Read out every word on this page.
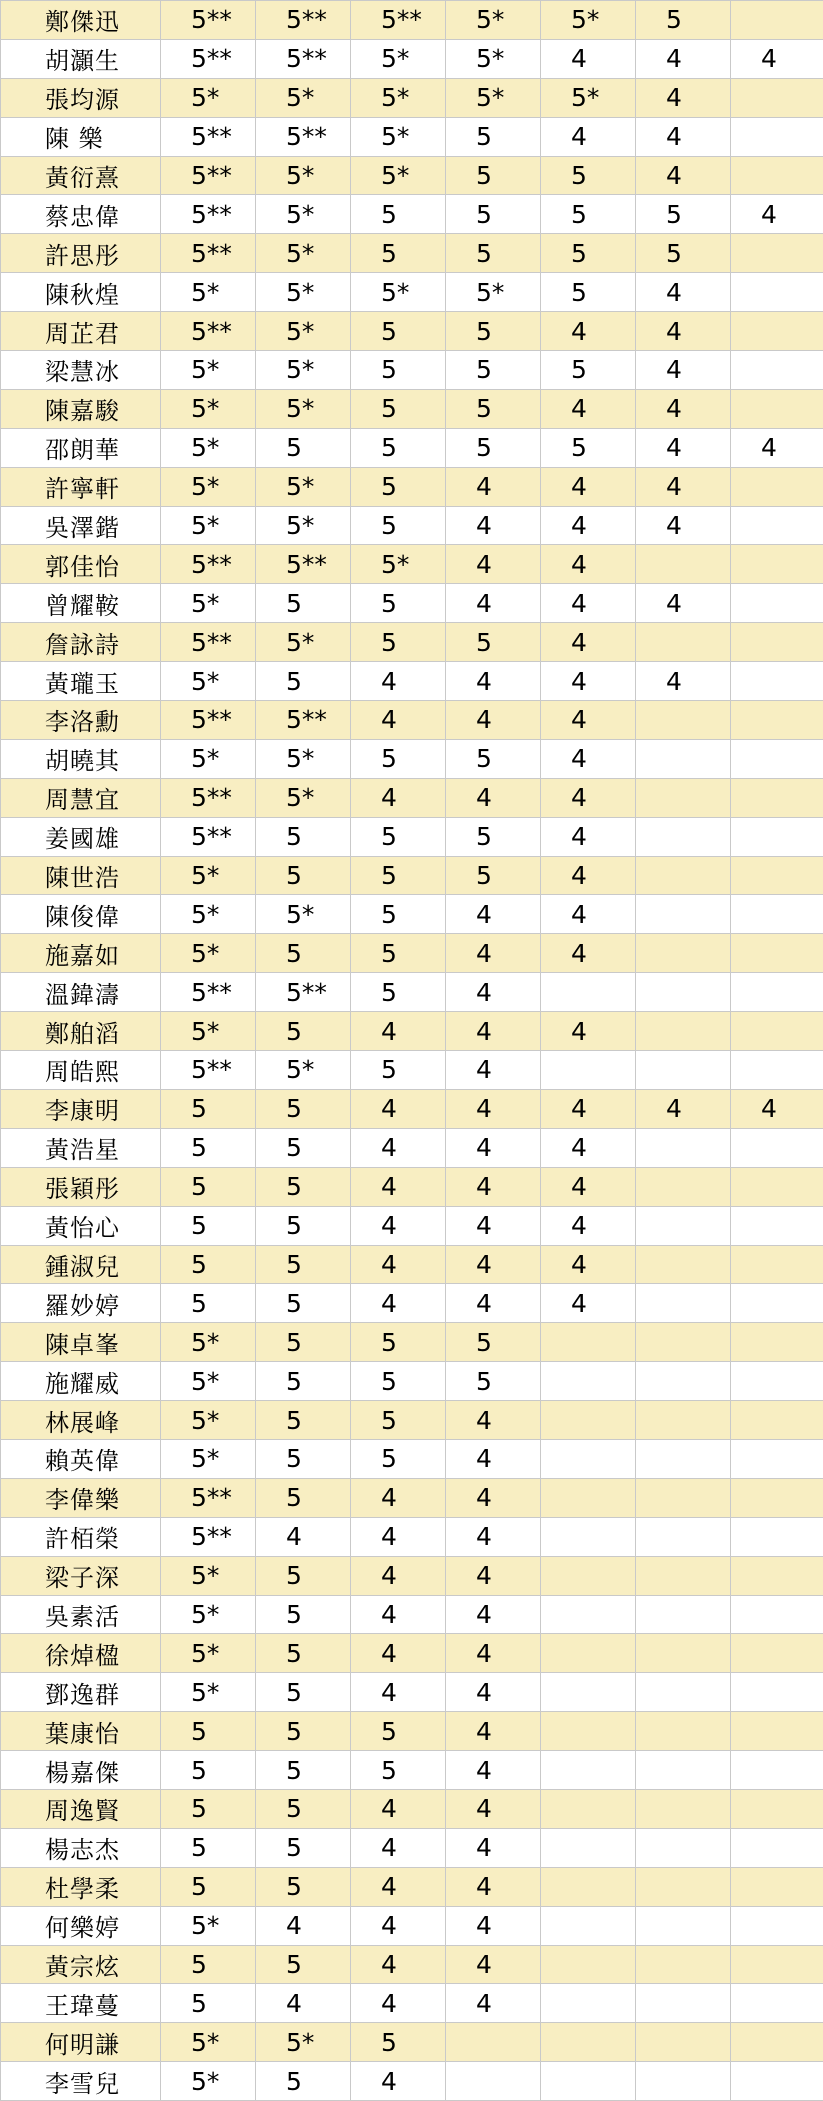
鄭傑迅	5**	5**	5**	5*	5*	5	
胡灝生	5**	5**	5*	5*	4	4	4
張均源	5*	5*	5*	5*	5*	4	
陳 樂	5**	5**	5*	5	4	4	
黃衍熹	5**	5*	5*	5	5	4	
蔡忠偉	5**	5*	5	5	5	5	4
許思彤	5**	5*	5	5	5	5	
陳秋煌	5*	5*	5*	5*	5	4	
周芷君	5**	5*	5	5	4	4	
梁慧冰	5*	5*	5	5	5	4	
陳嘉駿	5*	5*	5	5	4	4	
邵朗華	5*	5	5	5	5	4	4
許寧軒	5*	5*	5	4	4	4	
吳澤鍇	5*	5*	5	4	4	4	
郭佳怡	5**	5**	5*	4	4		
曾耀鞍	5*	5	5	4	4	4	
詹詠詩	5**	5*	5	5	4		
黃瓏玉	5*	5	4	4	4	4	
李洛勳	5**	5**	4	4	4		
胡曉其	5*	5*	5	5	4		
周慧宜	5**	5*	4	4	4		
姜國雄	5**	5	5	5	4		
陳世浩	5*	5	5	5	4		
陳俊偉	5*	5*	5	4	4		
施嘉如	5*	5	5	4	4		
溫鍏濤	5**	5**	5	4			
鄭舶滔	5*	5	4	4	4		
周皓熙	5**	5*	5	4			
李康明	5	5	4	4	4	4	4
黃浩星	5	5	4	4	4		
張穎彤	5	5	4	4	4		
黃怡心	5	5	4	4	4		
鍾淑兒	5	5	4	4	4		
羅妙婷	5	5	4	4	4		
陳卓峯	5*	5	5	5			
施耀威	5*	5	5	5			
林展峰	5*	5	5	4			
賴英偉	5*	5	5	4			
李偉樂	5**	5	4	4			
許栢榮	5**	4	4	4			
梁子深	5*	5	4	4			
吳素活	5*	5	4	4			
徐焯楹	5*	5	4	4			
鄧逸群	5*	5	4	4			
葉康怡	5	5	5	4			
楊嘉傑	5	5	5	4			
周逸賢	5	5	4	4			
楊志杰	5	5	4	4			
杜學柔	5	5	4	4			
何樂婷	5*	4	4	4			
黃宗炫	5	5	4	4			
王瑋蔓	5	4	4	4			
何明謙	5*	5*	5				
李雪兒	5*	5	4				
